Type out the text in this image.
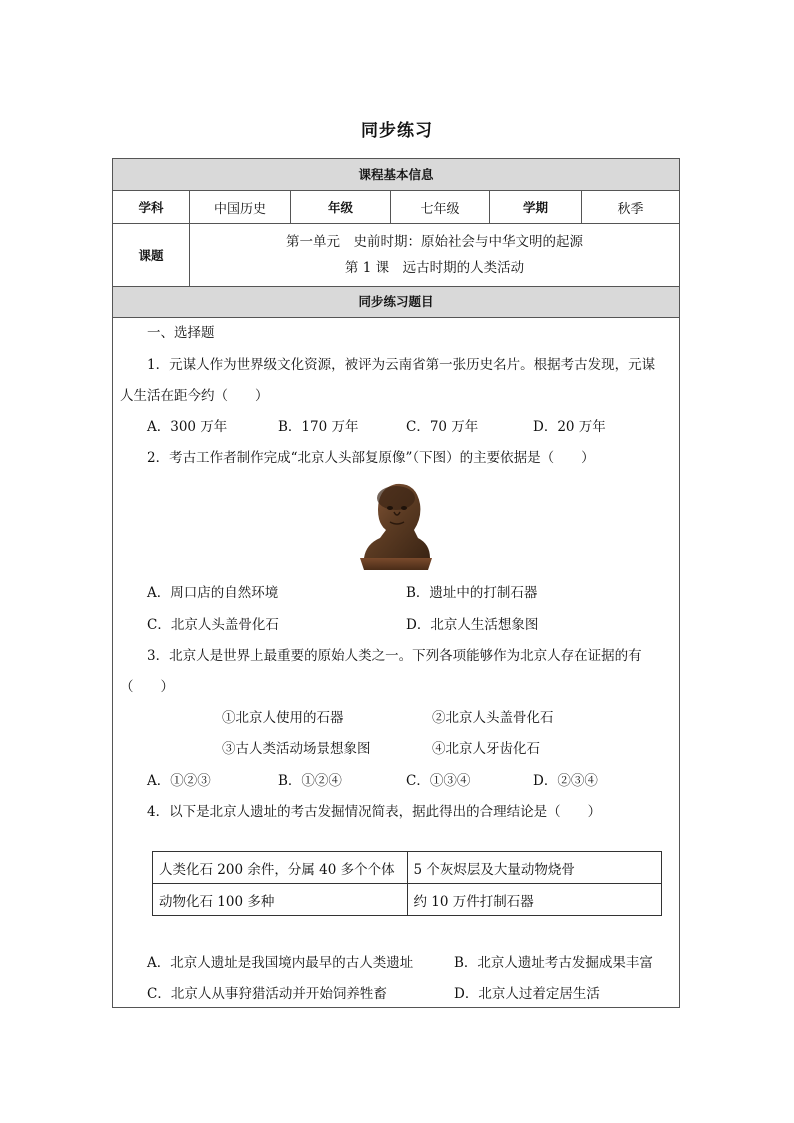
同步练习
课程基本信息
学科	中国历史	年级	七年级	学期	秋季
课题
第一单元　史前时期：原始社会与中华文明的起源
第 1 课　远古时期的人类活动
同步练习题目
一、选择题
1．元谋人作为世界级文化资源，被评为云南省第一张历史名片。根据考古发现，元谋
人生活在距今约（　　）
A．300 万年	B．170 万年	C．70 万年	D．20 万年
2．考古工作者制作完成“北京人头部复原像”（下图）的主要依据是（　　）
A．周口店的自然环境	B．遗址中的打制石器
C．北京人头盖骨化石	D．北京人生活想象图
3．北京人是世界上最重要的原始人类之一。下列各项能够作为北京人存在证据的有
（　　）
①北京人使用的石器	②北京人头盖骨化石
③古人类活动场景想象图	④北京人牙齿化石
A．①②③	B．①②④	C．①③④	D．②③④
4．以下是北京人遗址的考古发掘情况简表，据此得出的合理结论是（　　）
人类化石 200 余件，分属 40 多个个体	5 个灰烬层及大量动物烧骨
动物化石 100 多种	约 10 万件打制石器
A．北京人遗址是我国境内最早的古人类遗址	B．北京人遗址考古发掘成果丰富
C．北京人从事狩猎活动并开始饲养牲畜	D．北京人过着定居生活
